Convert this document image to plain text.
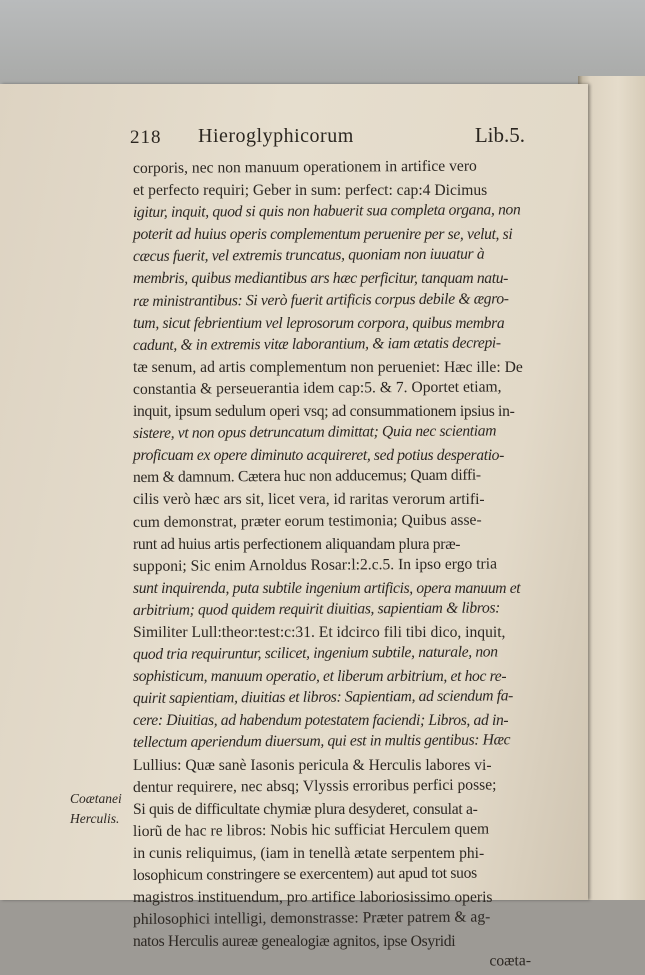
218 Hieroglyphicorum	Lib.5.
corporis, nec non manuum operationem in artifice vero
et perfecto requiri; Geber in sum: perfect: cap:4 Dicimus
igitur, inquit, quod si quis non habuerit sua completa organa, non
poterit ad huius operis complementum peruenire per se, velut, si
cæcus fuerit, vel extremis truncatus, quoniam non iuuatur à
membris, quibus mediantibus ars hæc perficitur, tanquam natu-
ræ ministrantibus: Si verò fuerit artificis corpus debile & ægro-
tum, sicut febrientium vel leprosorum corpora, quibus membra
cadunt, & in extremis vitæ laborantium, & iam ætatis decrepi-
tæ senum, ad artis complementum non perueniet: Hæc ille: De
constantia & perseuerantia idem cap:5. & 7. Oportet etiam,
inquit, ipsum sedulum operi vsq; ad consummationem ipsius in-
sistere, vt non opus detruncatum dimittat; Quia nec scientiam
proficuam ex opere diminuto acquireret, sed potius desperatio-
nem & damnum. Cætera huc non adducemus; Quam diffi-
cilis verò hæc ars sit, licet vera, id raritas verorum artifi-
cum demonstrat, præter eorum testimonia; Quibus asse-
runt ad huius artis perfectionem aliquandam plura præ-
supponi; Sic enim Arnoldus Rosar:l:2.c.5. In ipso ergo tria
sunt inquirenda, puta subtile ingenium artificis, opera manuum et
arbitrium; quod quidem requirit diuitias, sapientiam & libros:
Similiter Lull:theor:test:c:31. Et idcirco fili tibi dico, inquit,
quod tria requiruntur, scilicet, ingenium subtile, naturale, non
sophisticum, manuum operatio, et liberum arbitrium, et hoc re-
quirit sapientiam, diuitias et libros: Sapientiam, ad sciendum fa-
cere: Diuitias, ad habendum potestatem faciendi; Libros, ad in-
tellectum aperiendum diuersum, qui est in multis gentibus: Hæc
Lullius: Quæ sanè Iasonis pericula & Herculis labores vi-
dentur requirere, nec absq; Vlyssis erroribus perfici posse;
Si quis de difficultate chymiæ plura desyderet, consulat a-
liorũ de hac re libros: Nobis hic sufficiat Herculem quem
in cunis reliquimus, (iam in tenellà ætate serpentem phi-
losophicum constringere se exercentem) aut apud tot suos
magistros instituendum, pro artifice laboriosissimo operis
philosophici intelligi, demonstrasse: Præter patrem & ag-
natos Herculis aureæ genealogiæ agnitos, ipse Osyridi
coæta-
Coætanei
Herculis.
